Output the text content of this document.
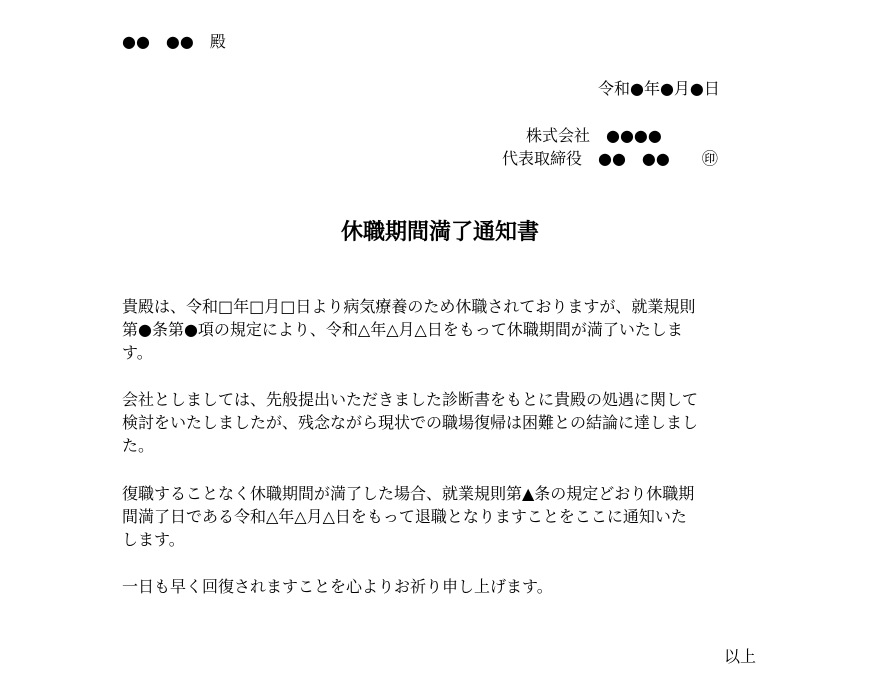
●●　●●　殿
令和●年●月●日
株式会社　●●●●
代表取締役　●●　●●　　㊞
休職期間満了通知書
貴殿は、令和□年□月□日より病気療養のため休職されておりますが、就業規則
第●条第●項の規定により、令和△年△月△日をもって休職期間が満了いたしま
す。
会社としましては、先般提出いただきました診断書をもとに貴殿の処遇に関して
検討をいたしましたが、残念ながら現状での職場復帰は困難との結論に達しまし
た。
復職することなく休職期間が満了した場合、就業規則第▲条の規定どおり休職期
間満了日である令和△年△月△日をもって退職となりますことをここに通知いた
します。
一日も早く回復されますことを心よりお祈り申し上げます。
以上
